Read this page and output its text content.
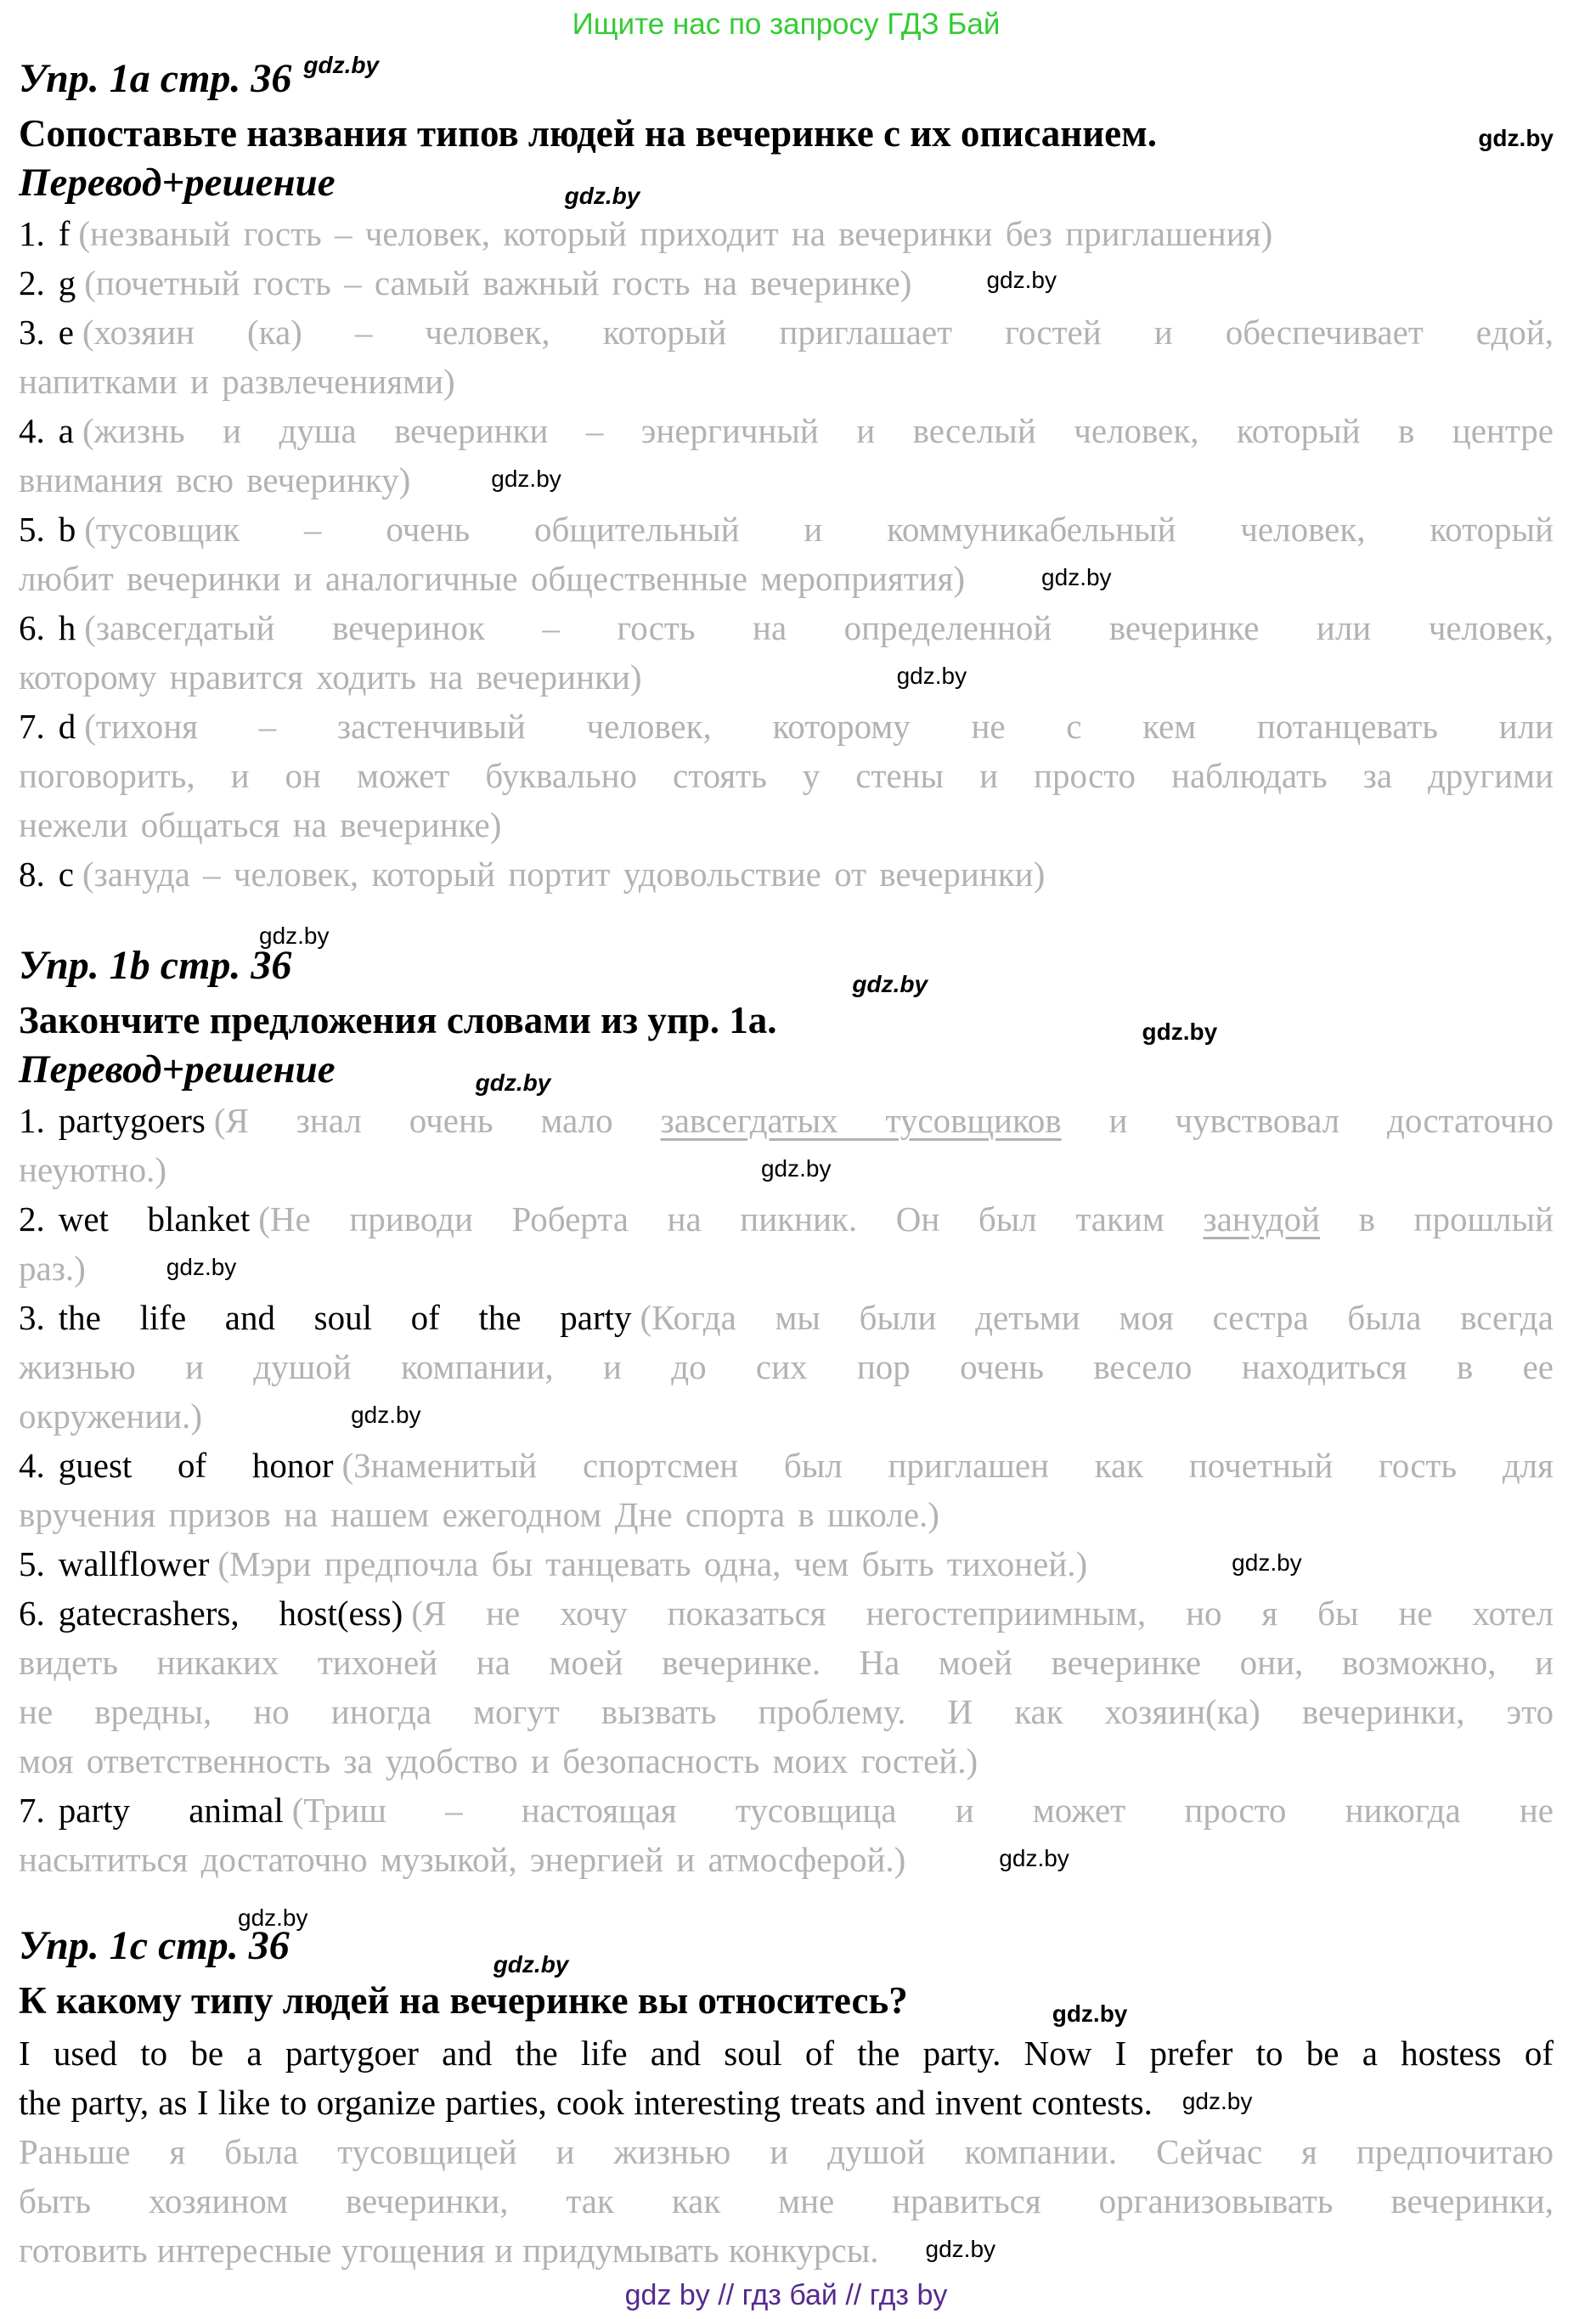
Ищите нас по запросу ГДЗ Бай
Упр. 1a стр. 36 gdz.by
gdz.by
Сопоставьте названия типов людей на вечеринке с их описанием.
Перевод+решение	gdz.by
1. f (незваный гость – человек, который приходит на вечеринки без приглашения)
2. g (почетный гость – самый важный гость на вечеринке)	gdz.by
3. e (хозяин (ка) – человек, который приглашает гостей и обеспечивает едой,
напитками и развлечениями)
4. a (жизнь и душа вечеринки – энергичный и веселый человек, который в центре
внимания всю вечеринку)	gdz.by
5. b (тусовщик – очень общительный и коммуникабельный человек, который
любит вечеринки и аналогичные общественные мероприятия)	gdz.by
6. h (завсегдатый вечеринок – гость на определенной вечеринке или человек,
которому нравится ходить на вечеринки)	gdz.by
7. d (тихоня – застенчивый человек, которому не с кем потанцевать или
поговорить, и он может буквально стоять у стены и просто наблюдать за другими
нежели общаться на вечеринке)
8. c (зануда – человек, который портит удовольствие от вечеринки)
gdz.by
Упр. 1b стр. 36	gdz.by
Закончите предложения словами из упр. 1a.	gdz.by
Перевод+решение	gdz.by
1. partygoers (Я знал очень мало завсегдатых тусовщиков и чувствовал достаточно
неуютно.)	gdz.by
2. wet blanket (Не приводи Роберта на пикник. Он был таким занудой в прошлый
раз.)	gdz.by
3. the life and soul of the party (Когда мы были детьми моя сестра была всегда
жизнью и душой компании, и до сих пор очень весело находиться в ее
окружении.)	gdz.by
4. guest of honor (Знаменитый спортсмен был приглашен как почетный гость для
вручения призов на нашем ежегодном Дне спорта в школе.)
5. wallflower (Мэри предпочла бы танцевать одна, чем быть тихоней.)	gdz.by
6. gatecrashers, host(ess) (Я не хочу показаться негостеприимным, но я бы не хотел
видеть никаких тихоней на моей вечеринке. На моей вечеринке они, возможно, и
не вредны, но иногда могут вызвать проблему. И как хозяин(ка) вечеринки, это
моя ответственность за удобство и безопасность моих гостей.)
7. party animal (Триш – настоящая тусовщица и может просто никогда не
насытиться достаточно музыкой, энергией и атмосферой.)	gdz.by
gdz.by
Упр. 1c стр. 36	gdz.by
К какому типу людей на вечеринке вы относитесь?	gdz.by
I used to be a partygoer and the life and soul of the party. Now I prefer to be a hostess of
the party, as I like to organize parties, cook interesting treats and invent contests. gdz.by
Раньше я была тусовщицей и жизнью и душой компании. Сейчас я предпочитаю
быть хозяином вечеринки, так как мне нравиться организовывать вечеринки,
готовить интересные угощения и придумывать конкурсы. gdz.by
gdz by // гдз бай // гдз by
